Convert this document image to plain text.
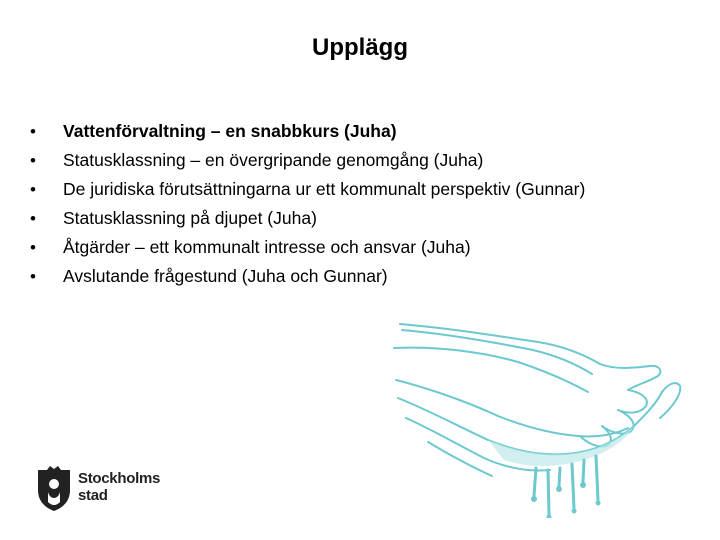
Upplägg
• Vattenförvaltning – en snabbkurs (Juha)
• Statusklassning – en övergripande genomgång (Juha)
• De juridiska förutsättningarna ur ett kommunalt perspektiv (Gunnar)
• Statusklassning på djupet (Juha)
• Åtgärder – ett kommunalt intresse och ansvar (Juha)
• Avslutande frågestund (Juha och Gunnar)
Stockholms
stad
